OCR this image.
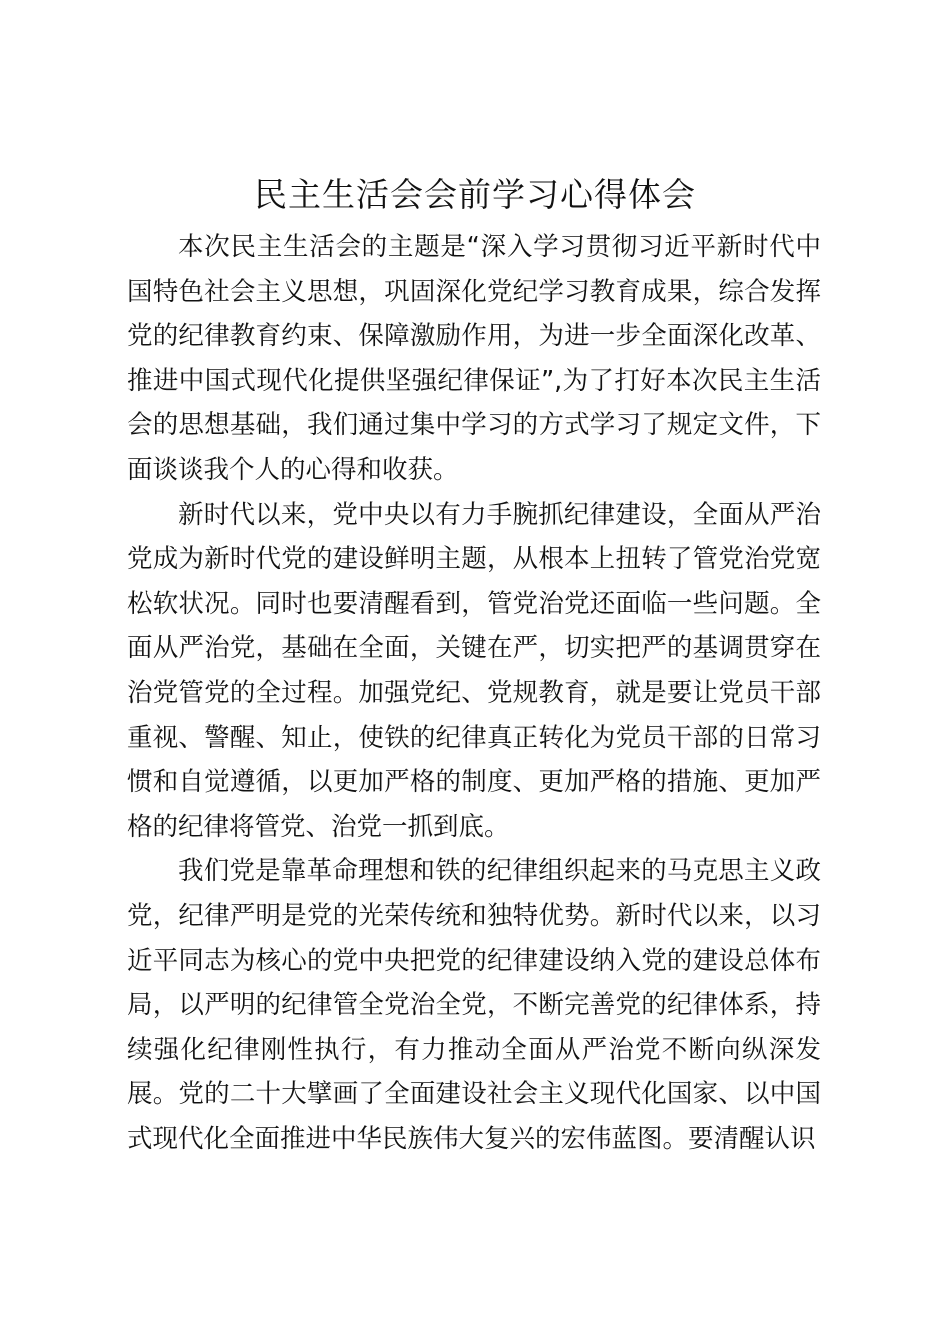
民主生活会会前学习心得体会

本次民主生活会的主题是“深入学习贯彻习近平新时代中国特色社会主义思想，巩固深化党纪学习教育成果，综合发挥党的纪律教育约束、保障激励作用，为进一步全面深化改革、推进中国式现代化提供坚强纪律保证”,为了打好本次民主生活会的思想基础，我们通过集中学习的方式学习了规定文件，下面谈谈我个人的心得和收获。

新时代以来，党中央以有力手腕抓纪律建设，全面从严治党成为新时代党的建设鲜明主题，从根本上扭转了管党治党宽松软状况。同时也要清醒看到，管党治党还面临一些问题。全面从严治党，基础在全面，关键在严，切实把严的基调贯穿在治党管党的全过程。加强党纪、党规教育，就是要让党员干部重视、警醒、知止，使铁的纪律真正转化为党员干部的日常习惯和自觉遵循，以更加严格的制度、更加严格的措施、更加严格的纪律将管党、治党一抓到底。

我们党是靠革命理想和铁的纪律组织起来的马克思主义政党，纪律严明是党的光荣传统和独特优势。新时代以来，以习近平同志为核心的党中央把党的纪律建设纳入党的建设总体布局，以严明的纪律管全党治全党，不断完善党的纪律体系，持续强化纪律刚性执行，有力推动全面从严治党不断向纵深发展。党的二十大擘画了全面建设社会主义现代化国家、以中国式现代化全面推进中华民族伟大复兴的宏伟蓝图。要清醒认识
